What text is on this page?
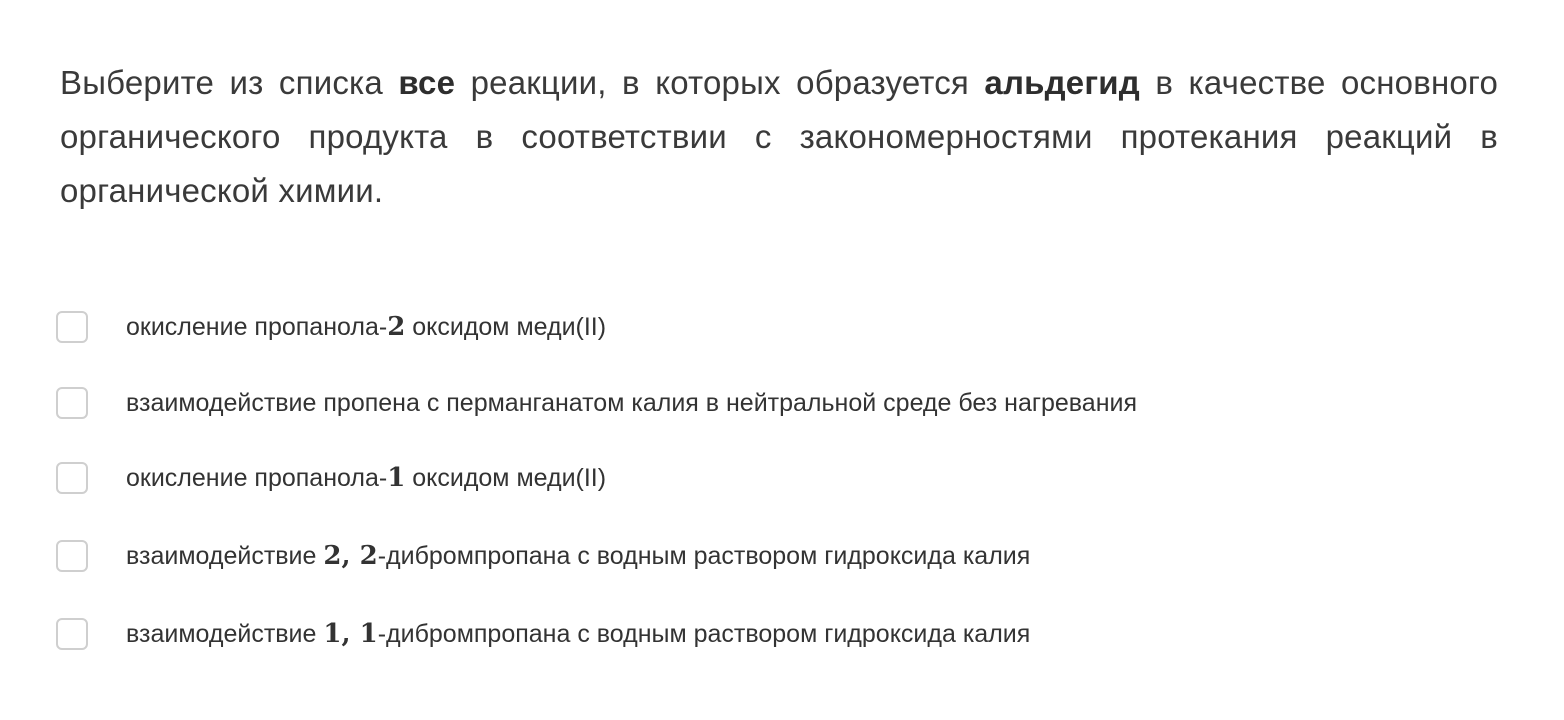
Выберите из списка все реакции, в которых образуется альдегид в качестве основного органического продукта в соответствии с закономерностями протекания реакций в органической химии.
окисление пропанола-2 оксидом меди(II)
взаимодействие пропена с перманганатом калия в нейтральной среде без нагревания
окисление пропанола-1 оксидом меди(II)
взаимодействие 2, 2-дибромпропана с водным раствором гидроксида калия
взаимодействие 1, 1-дибромпропана с водным раствором гидроксида калия
